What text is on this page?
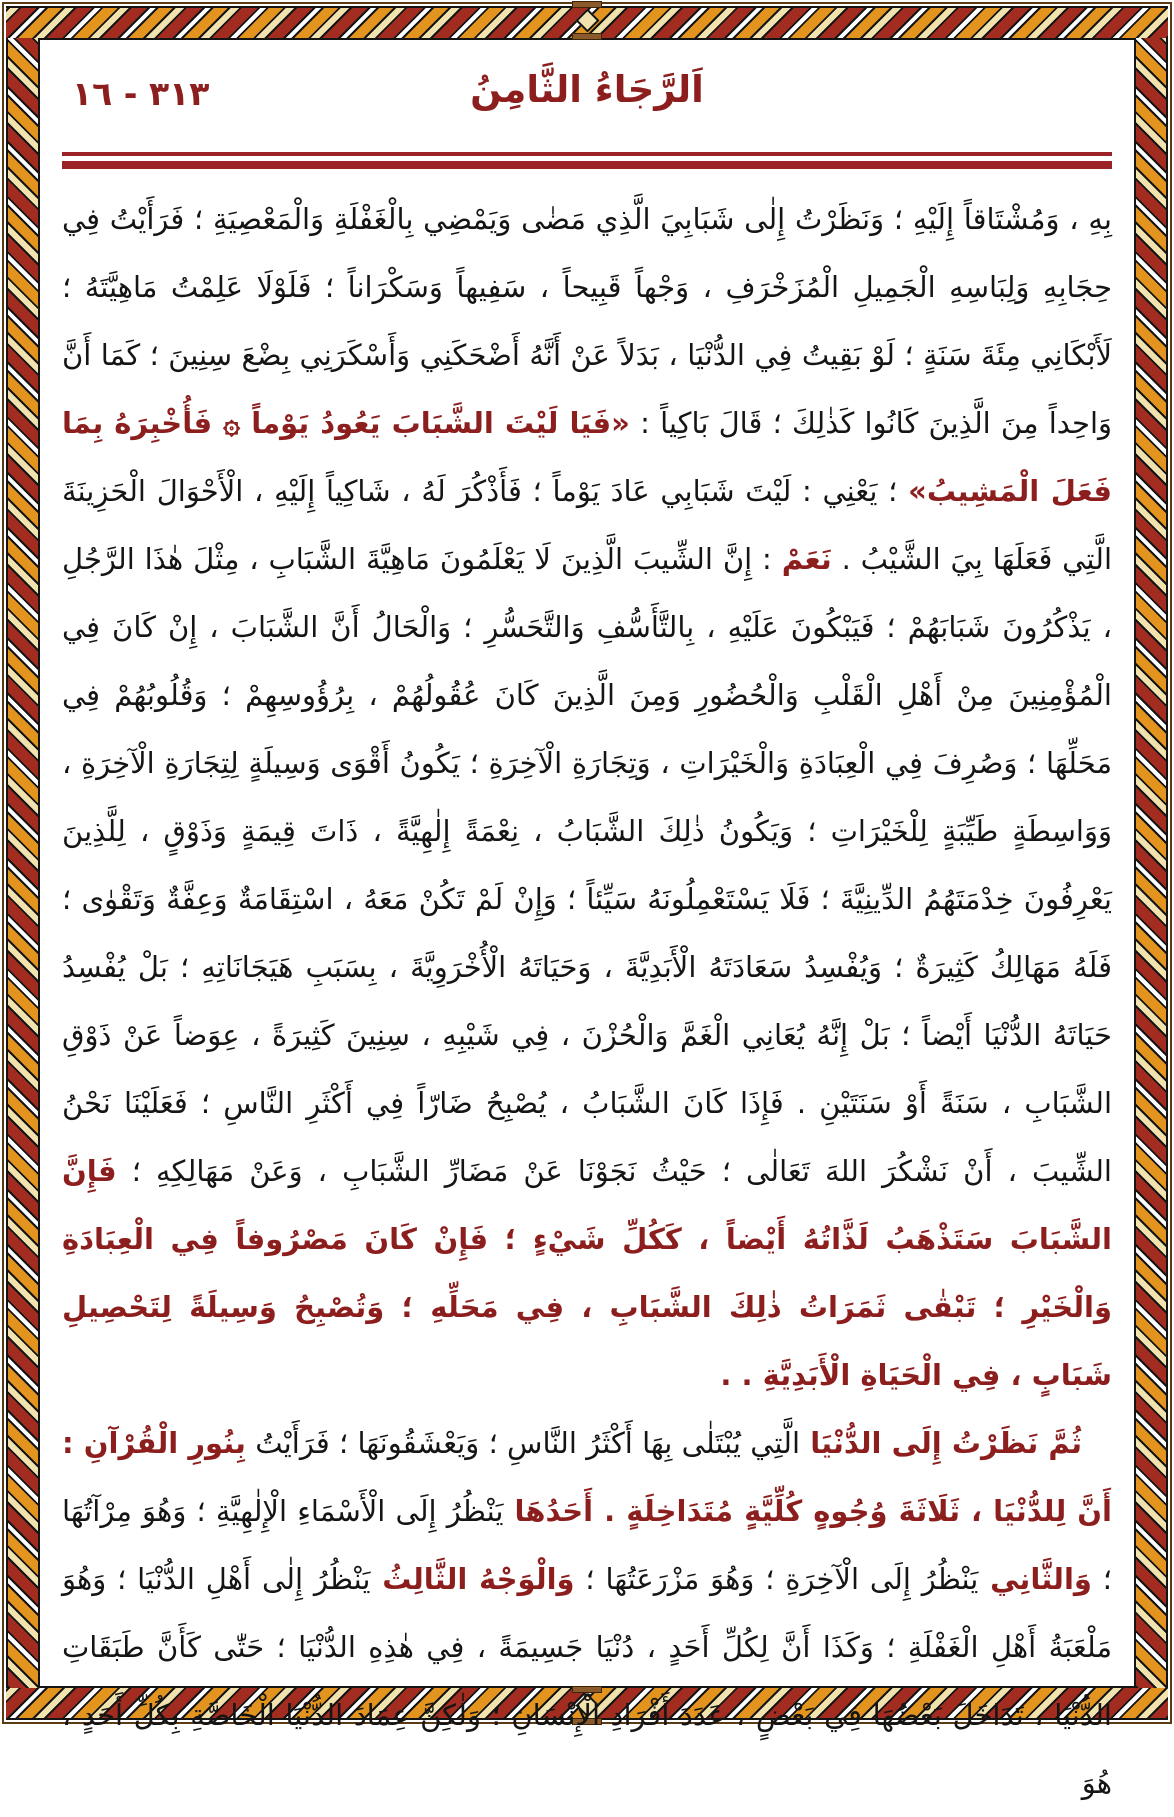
٣١٣ - ١٦	اَلرَّجَاءُ الثَّامِنُ

بِهِ ، وَمُشْتَاقاً إِلَيْهِ ؛ وَنَظَرْتُ إِلٰى شَبَابِيَ الَّذِي مَضٰى وَيَمْضِي بِالْغَفْلَةِ وَالْمَعْصِيَةِ ؛ فَرَأَيْتُ فِي حِجَابِهِ وَلِبَاسِهِ الْجَمِيلِ الْمُزَخْرَفِ ، وَجْهاً قَبِيحاً ، سَفِيهاً وَسَكْرَاناً ؛ فَلَوْلَا عَلِمْتُ مَاهِيَّتَهُ ؛ لَأَبْكَانِي مِئَةَ سَنَةٍ ؛ لَوْ بَقِيتُ فِي الدُّنْيَا ، بَدَلاً عَنْ أَنَّهُ أَضْحَكَنِي وَأَسْكَرَنِي بِضْعَ سِنِينَ ؛ كَمَا أَنَّ وَاحِداً مِنَ الَّذِينَ كَانُوا كَذٰلِكَ ؛ قَالَ بَاكِياً : «فَيَا لَيْتَ الشَّبَابَ يَعُودُ يَوْماً ۞ فَأُخْبِرَهُ بِمَا فَعَلَ الْمَشِيبُ» ؛ يَعْنِي : لَيْتَ شَبَابِي عَادَ يَوْماً ؛ فَأَذْكُرَ لَهُ ، شَاكِياً إِلَيْهِ ، الْأَحْوَالَ الْحَزِينَةَ الَّتِي فَعَلَهَا بِيَ الشَّيْبُ . نَعَمْ : إِنَّ الشِّيبَ الَّذِينَ لَا يَعْلَمُونَ مَاهِيَّةَ الشَّبَابِ ، مِثْلَ هٰذَا الرَّجُلِ ، يَذْكُرُونَ شَبَابَهُمْ ؛ فَيَبْكُونَ عَلَيْهِ ، بِالتَّأَسُّفِ وَالتَّحَسُّرِ ؛ وَالْحَالُ أَنَّ الشَّبَابَ ، إِنْ كَانَ فِي الْمُؤْمِنِينَ مِنْ أَهْلِ الْقَلْبِ وَالْحُضُورِ وَمِنَ الَّذِينَ كَانَ عُقُولُهُمْ ، بِرُؤُوسِهِمْ ؛ وَقُلُوبُهُمْ فِي مَحَلِّهَا ؛ وَصُرِفَ فِي الْعِبَادَةِ وَالْخَيْرَاتِ ، وَتِجَارَةِ الْآخِرَةِ ؛ يَكُونُ أَقْوَى وَسِيلَةٍ لِتِجَارَةِ الْآخِرَةِ ، وَوَاسِطَةٍ طَيِّبَةٍ لِلْخَيْرَاتِ ؛ وَيَكُونُ ذٰلِكَ الشَّبَابُ ، نِعْمَةً إِلٰهِيَّةً ، ذَاتَ قِيمَةٍ وَذَوْقٍ ، لِلَّذِينَ يَعْرِفُونَ خِدْمَتَهُمُ الدِّينِيَّةَ ؛ فَلَا يَسْتَعْمِلُونَهُ سَيِّئاً ؛ وَإِنْ لَمْ تَكُنْ مَعَهُ ، اسْتِقَامَةٌ وَعِفَّةٌ وَتَقْوٰى ؛ فَلَهُ مَهَالِكُ كَثِيرَةٌ ؛ وَيُفْسِدُ سَعَادَتَهُ الْأَبَدِيَّةَ ، وَحَيَاتَهُ الْأُخْرَوِيَّةَ ، بِسَبَبِ هَيَجَانَاتِهِ ؛ بَلْ يُفْسِدُ حَيَاتَهُ الدُّنْيَا أَيْضاً ؛ بَلْ إِنَّهُ يُعَانِي الْغَمَّ وَالْحُزْنَ ، فِي شَيْبِهِ ، سِنِينَ كَثِيرَةً ، عِوَضاً عَنْ ذَوْقِ الشَّبَابِ ، سَنَةً أَوْ سَنَتَيْنِ . فَإِذَا كَانَ الشَّبَابُ ، يُصْبِحُ ضَارّاً فِي أَكْثَرِ النَّاسِ ؛ فَعَلَيْنَا نَحْنُ الشِّيبَ ، أَنْ نَشْكُرَ اللهَ تَعَالٰى ؛ حَيْثُ نَجَوْنَا عَنْ مَضَارِّ الشَّبَابِ ، وَعَنْ مَهَالِكِهِ ؛ فَإِنَّ الشَّبَابَ سَتَذْهَبُ لَذَّاتُهُ أَيْضاً ، كَكُلِّ شَيْءٍ ؛ فَإِنْ كَانَ مَصْرُوفاً فِي الْعِبَادَةِ وَالْخَيْرِ ؛ تَبْقٰى ثَمَرَاتُ ذٰلِكَ الشَّبَابِ ، فِي مَحَلِّهِ ؛ وَتُصْبِحُ وَسِيلَةً لِتَحْصِيلِ شَبَابٍ ، فِي الْحَيَاةِ الْأَبَدِيَّةِ . .

ثُمَّ نَظَرْتُ إِلَى الدُّنْيَا الَّتِي يُبْتَلٰى بِهَا أَكْثَرُ النَّاسِ ؛ وَيَعْشَقُونَهَا ؛ فَرَأَيْتُ بِنُورِ الْقُرْآنِ : أَنَّ لِلدُّنْيَا ، ثَلَاثَةَ وُجُوهٍ كُلِّيَّةٍ مُتَدَاخِلَةٍ . أَحَدُهَا يَنْظُرُ إِلَى الْأَسْمَاءِ الْإِلٰهِيَّةِ ؛ وَهُوَ مِرْآتُهَا ؛ وَالثَّانِي يَنْظُرُ إِلَى الْآخِرَةِ ؛ وَهُوَ مَزْرَعَتُهَا ؛ وَالْوَجْهُ الثَّالِثُ يَنْظُرُ إِلٰى أَهْلِ الدُّنْيَا ؛ وَهُوَ مَلْعَبَةُ أَهْلِ الْغَفْلَةِ ؛ وَكَذَا أَنَّ لِكُلِّ أَحَدٍ ، دُنْيَا جَسِيمَةً ، فِي هٰذِهِ الدُّنْيَا ؛ حَتّٰى كَأَنَّ طَبَقَاتِ الدُّنْيَا ، تَدَاخَلَ بَعْضُهَا فِي بَعْضٍ ، عَدَدَ أَفْرَادِ الْإِنْسَانِ ؛ وَلٰكِنَّ عِمَادَ الدُّنْيَا الْخَاصَّةِ بِكُلِّ أَحَدٍ ، هُوَ
